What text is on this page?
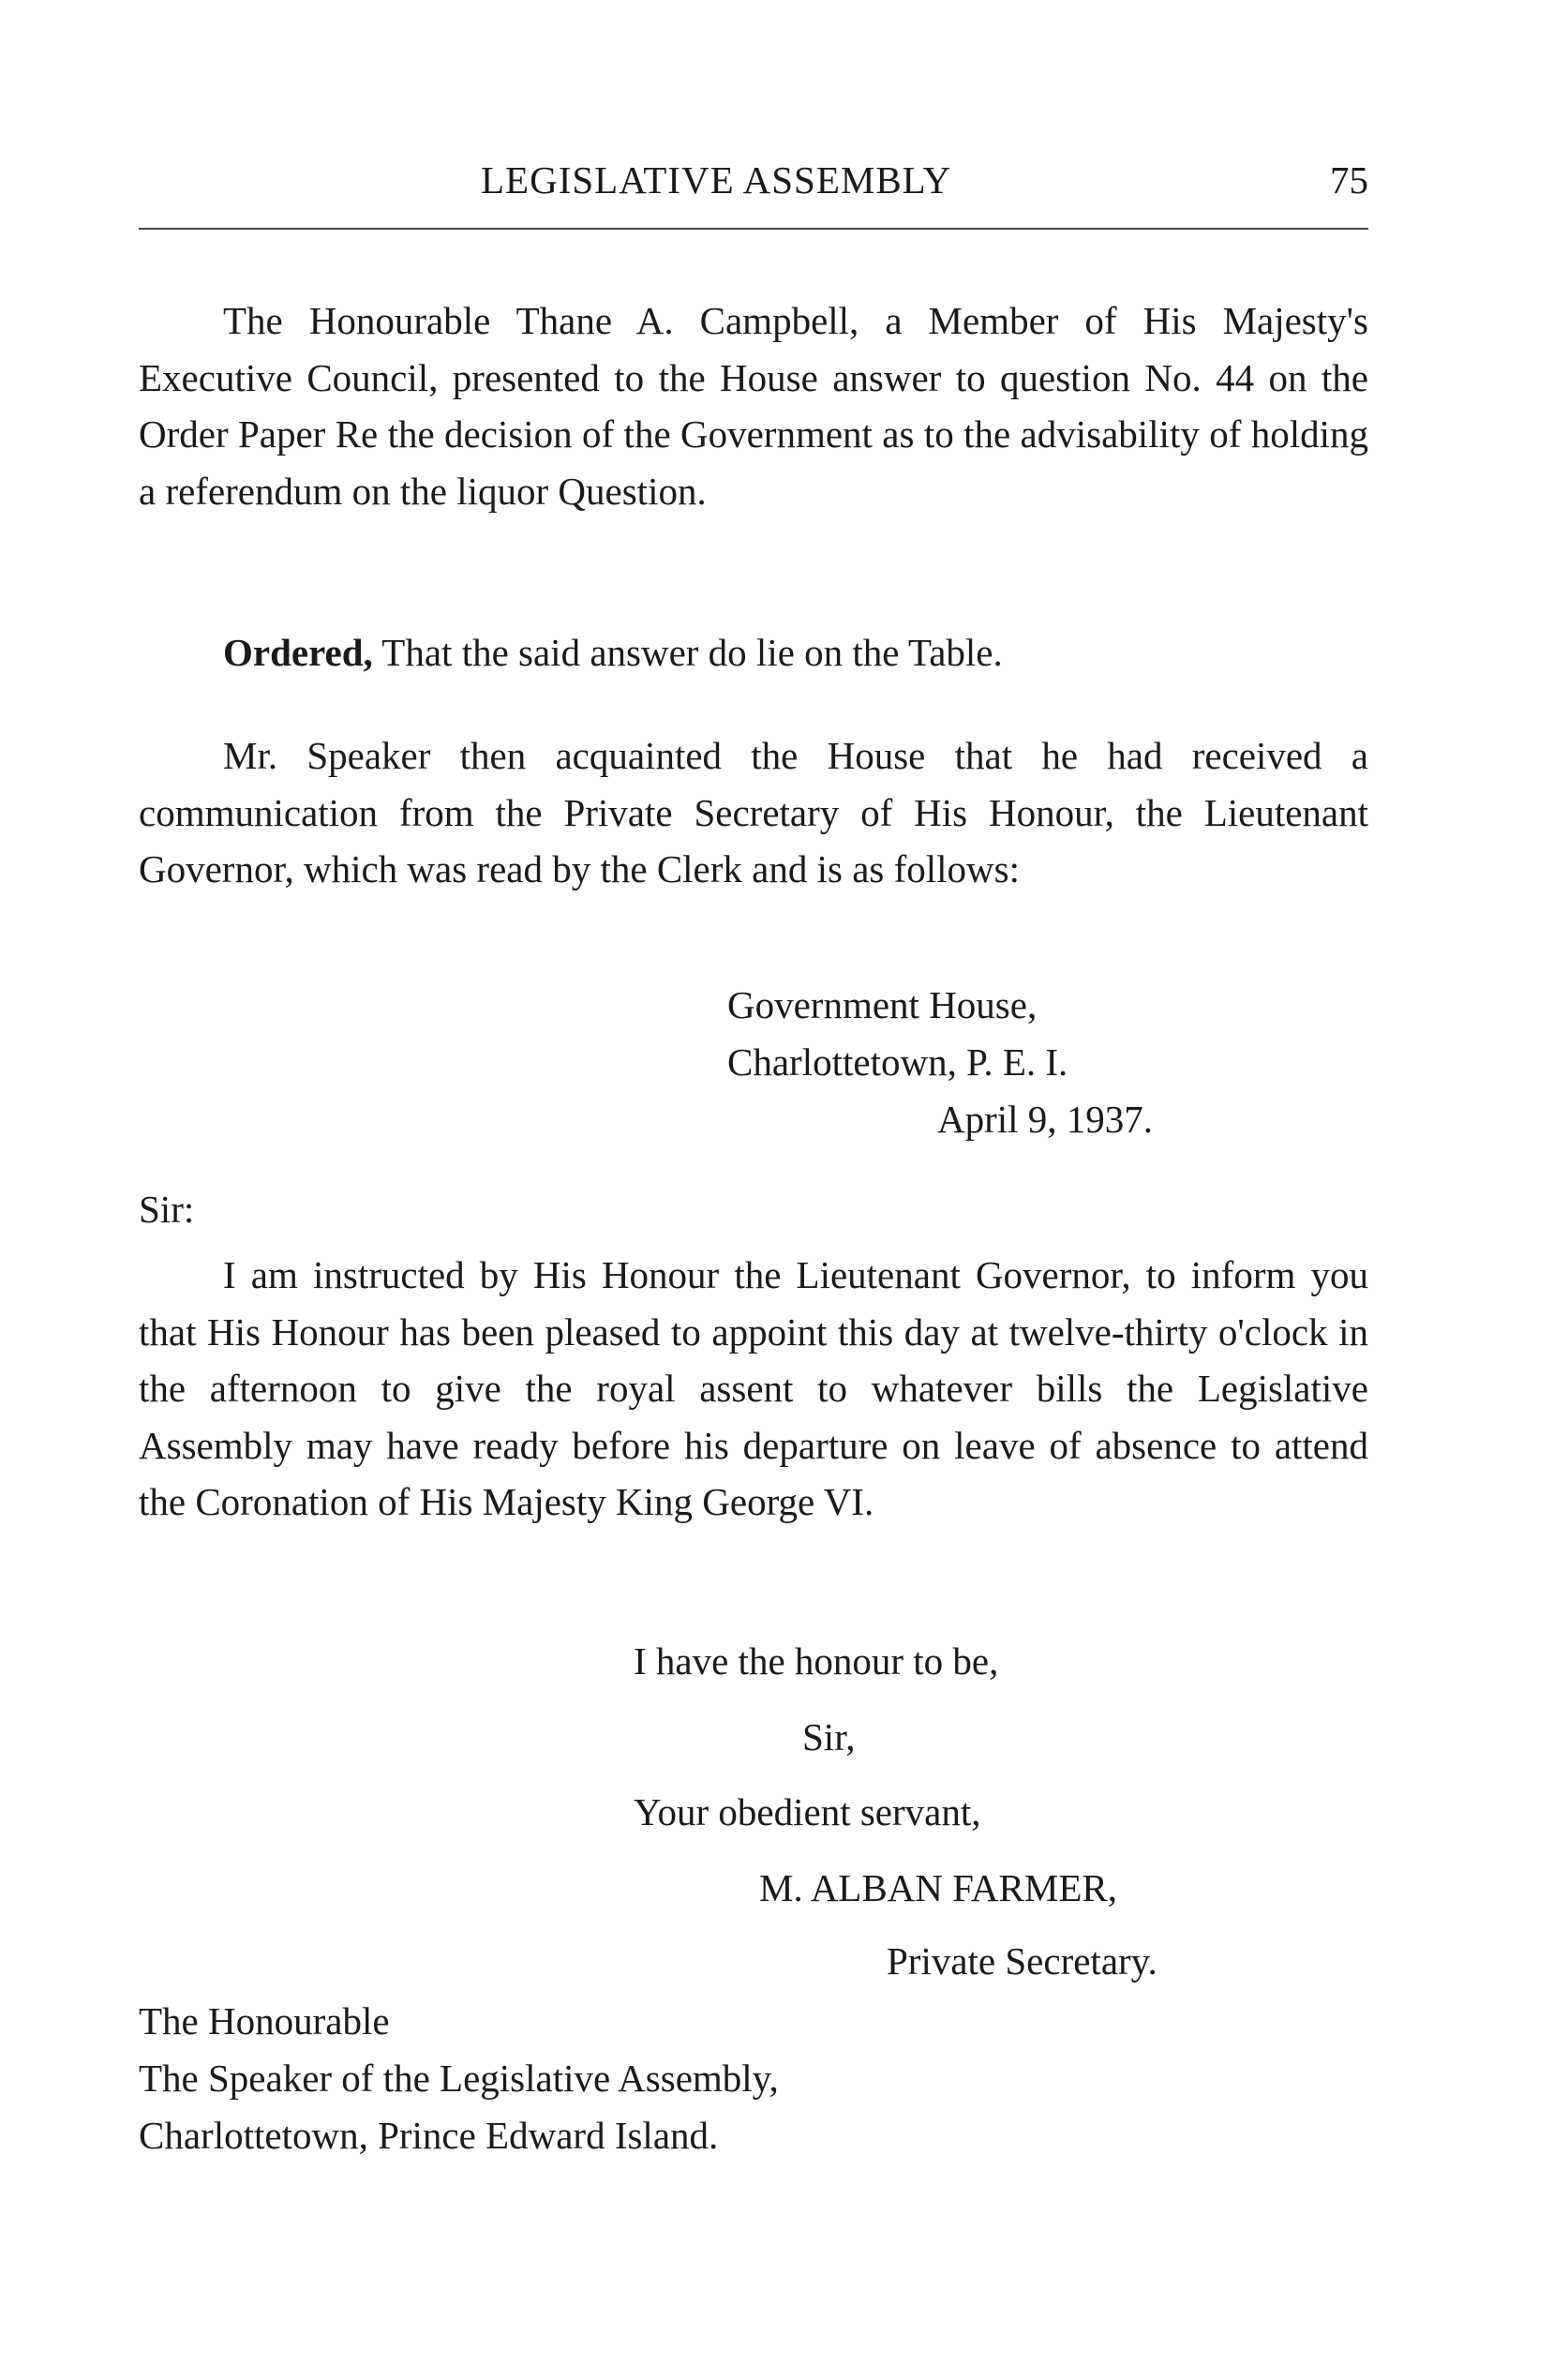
LEGISLATIVE ASSEMBLY	75

The Honourable Thane A. Campbell, a Member of His Majesty's Executive Council, presented to the House answer to question No. 44 on the Order Paper Re the decision of the Government as to the advisability of holding a referendum on the liquor Question.

Ordered, That the said answer do lie on the Table.

Mr. Speaker then acquainted the House that he had received a communication from the Private Secretary of His Honour, the Lieutenant Governor, which was read by the Clerk and is as follows:

Government House,
Charlottetown, P. E. I.
April 9, 1937.
Sir:

I am instructed by His Honour the Lieutenant Governor, to inform you that His Honour has been pleased to appoint this day at twelve-thirty o'clock in the afternoon to give the royal assent to whatever bills the Legislative Assembly may have ready before his departure on leave of absence to attend the Coronation of His Majesty King George VI.

I have the honour to be,
Sir,
Your obedient servant,
M. ALBAN FARMER,
Private Secretary.
The Honourable
The Speaker of the Legislative Assembly,
Charlottetown, Prince Edward Island.
